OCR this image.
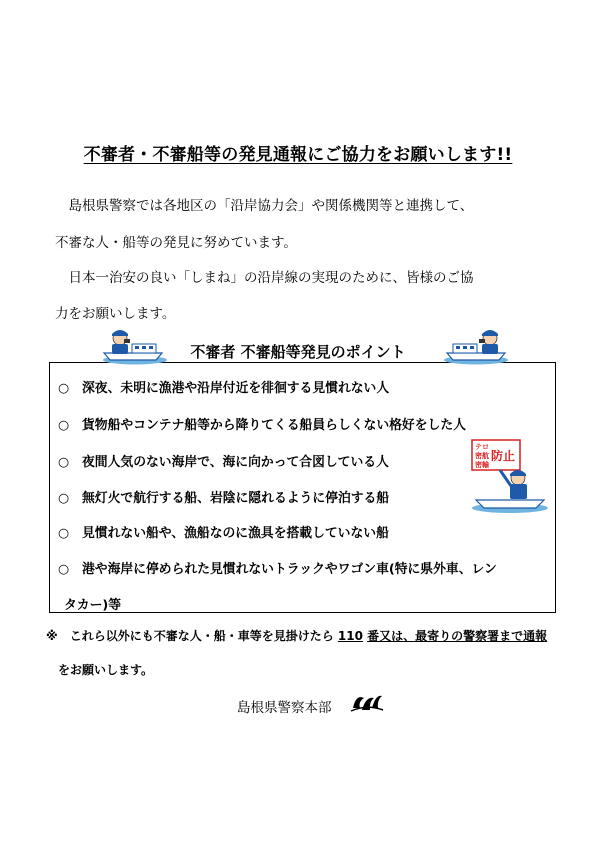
不審者・不審船等の発見通報にご協力をお願いします!!
　島根県警察では各地区の「沿岸協力会」や関係機関等と連携して、
不審な人・船等の発見に努めています。
　日本一治安の良い「しまね」の沿岸線の実現のために、皆様のご協
力をお願いします。
不審者 不審船等発見のポイント
○ 深夜、未明に漁港や沿岸付近を徘徊する見慣れない人
○ 貨物船やコンテナ船等から降りてくる船員らしくない格好をした人
○ 夜間人気のない海岸で、海に向かって合図している人
○ 無灯火で航行する船、岩陰に隠れるように停泊する船
○ 見慣れない船や、漁船なのに漁具を搭載していない船
○ 港や海岸に停められた見慣れないトラックやワゴン車(特に県外車、レン
タカー)等
テロ
密航
密輸
防止
※　 これら以外にも不審な人・船・車等を見掛けたら 110 番又は、最寄りの警察署まで通報
をお願いします。
島根県警察本部
